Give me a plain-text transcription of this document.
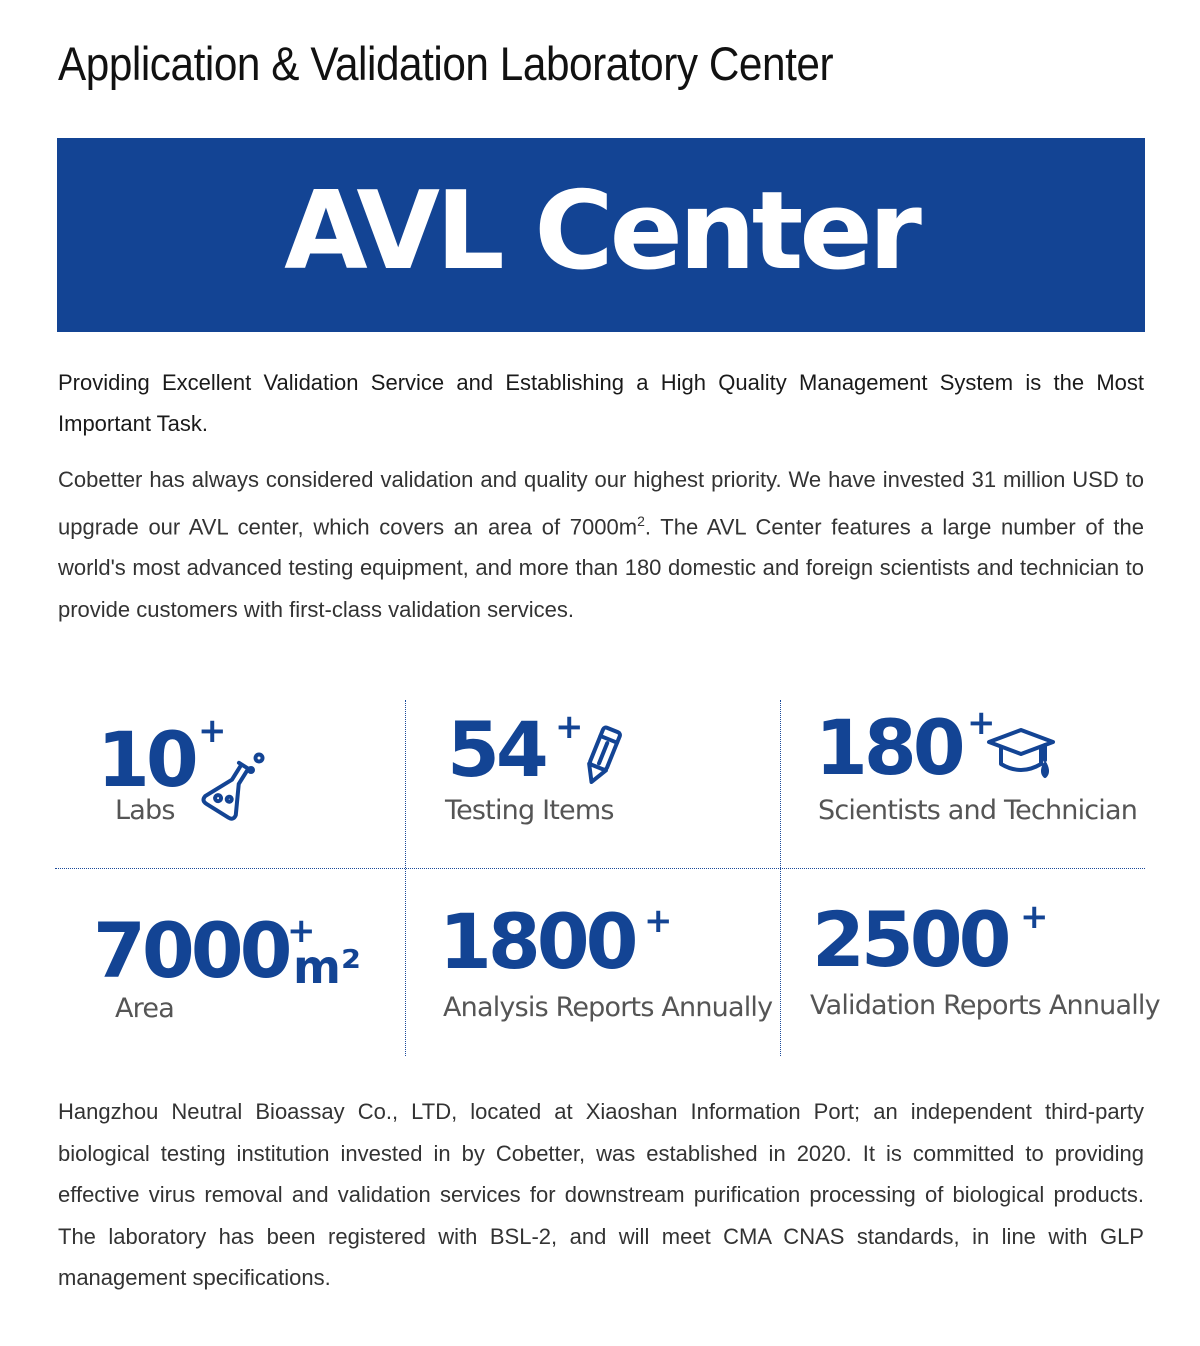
Application & Validation Laboratory Center
AVL Center

Providing Excellent Validation Service and Establishing a High Quality Management System is the Most Important Task.

Cobetter has always considered validation and quality our highest priority. We have invested 31 million USD to upgrade our AVL center, which covers an area of $7000m^2$. The AVL Center features a large number of the world's most advanced testing equipment, and more than 180 domestic and foreign scientists and technician to provide customers with first-class validation services.

10 +
Labs
54 +
Testing Items
180 +
Scientists and Technician
7000
+
m²
Area
1800 +
Analysis Reports Annually
2500 +
Validation Reports Annually

Hangzhou Neutral Bioassay Co., LTD, located at Xiaoshan Information Port; an independent third-party biological testing institution invested in by Cobetter, was established in 2020. It is committed to providing effective virus removal and validation services for downstream purification processing of biological products. The laboratory has been registered with BSL-2, and will meet CMA CNAS standards, in line with GLP management specifications.
